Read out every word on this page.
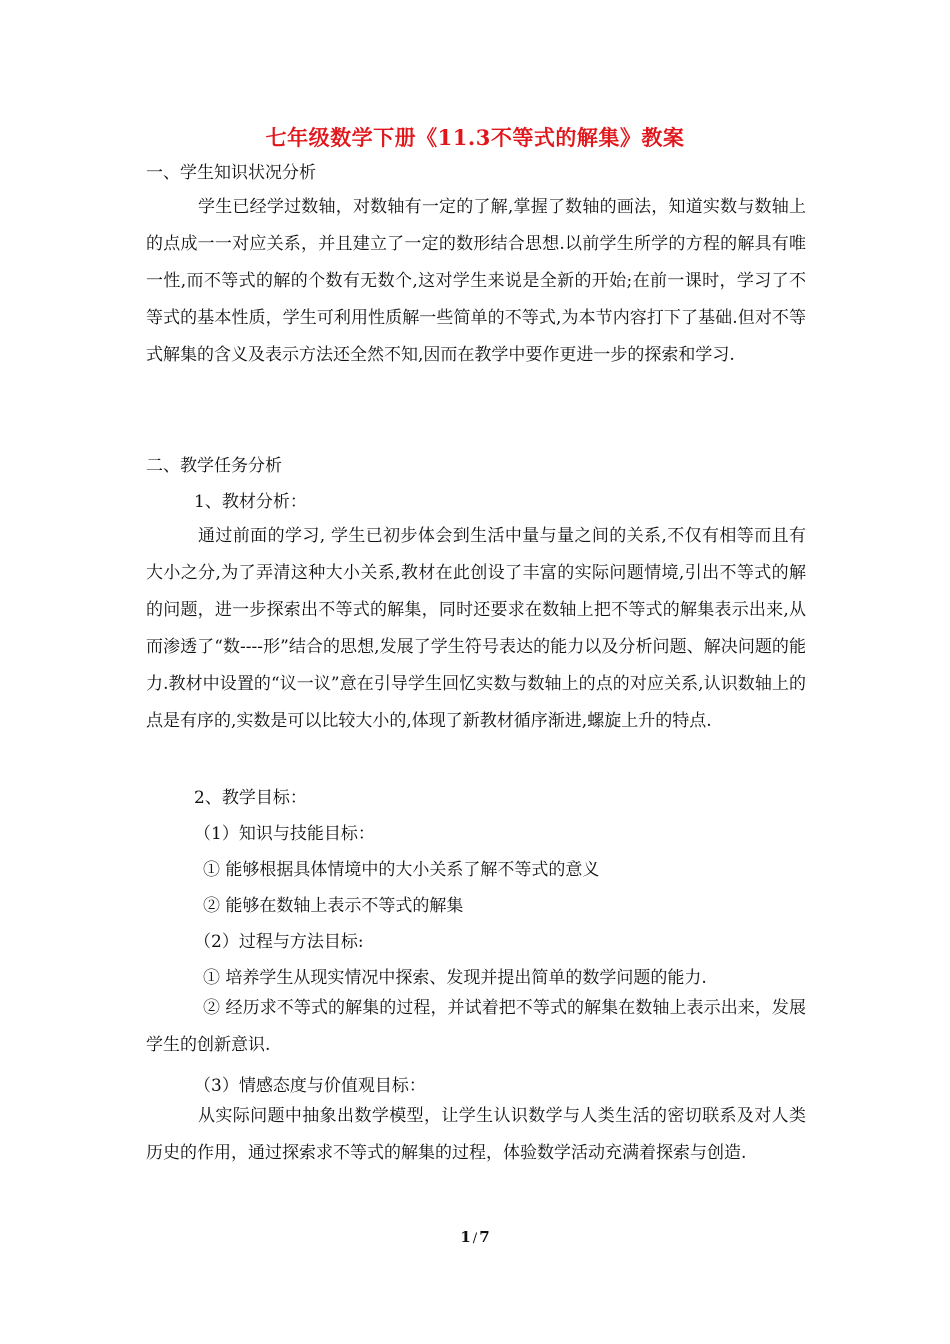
七年级数学下册《11.3不等式的解集》教案
一、学生知识状况分析

学生已经学过数轴，对数轴有一定的了解,掌握了数轴的画法，知道实数与数轴上的点成一一对应关系，并且建立了一定的数形结合思想.以前学生所学的方程的解具有唯一性,而不等式的解的个数有无数个,这对学生来说是全新的开始;在前一课时，学习了不等式的基本性质，学生可利用性质解一些简单的不等式,为本节内容打下了基础.但对不等式解集的含义及表示方法还全然不知,因而在教学中要作更进一步的探索和学习.

二、教学任务分析
1、教材分析：

通过前面的学习, 学生已初步体会到生活中量与量之间的关系,不仅有相等而且有大小之分,为了弄清这种大小关系,教材在此创设了丰富的实际问题情境,引出不等式的解的问题，进一步探索出不等式的解集，同时还要求在数轴上把不等式的解集表示出来,从而渗透了“数----形”结合的思想,发展了学生符号表达的能力以及分析问题、解决问题的能力.教材中设置的“议一议”意在引导学生回忆实数与数轴上的点的对应关系,认识数轴上的点是有序的,实数是可以比较大小的,体现了新教材循序渐进,螺旋上升的特点.

2、教学目标：
（1）知识与技能目标：
① 能够根据具体情境中的大小关系了解不等式的意义
② 能够在数轴上表示不等式的解集
（2）过程与方法目标:
① 培养学生从现实情况中探索、发现并提出简单的数学问题的能力.

② 经历求不等式的解集的过程，并试着把不等式的解集在数轴上表示出来，发展学生的创新意识.

（3）情感态度与价值观目标：

从实际问题中抽象出数学模型，让学生认识数学与人类生活的密切联系及对人类历史的作用，通过探索求不等式的解集的过程，体验数学活动充满着探索与创造.

1 / 7
